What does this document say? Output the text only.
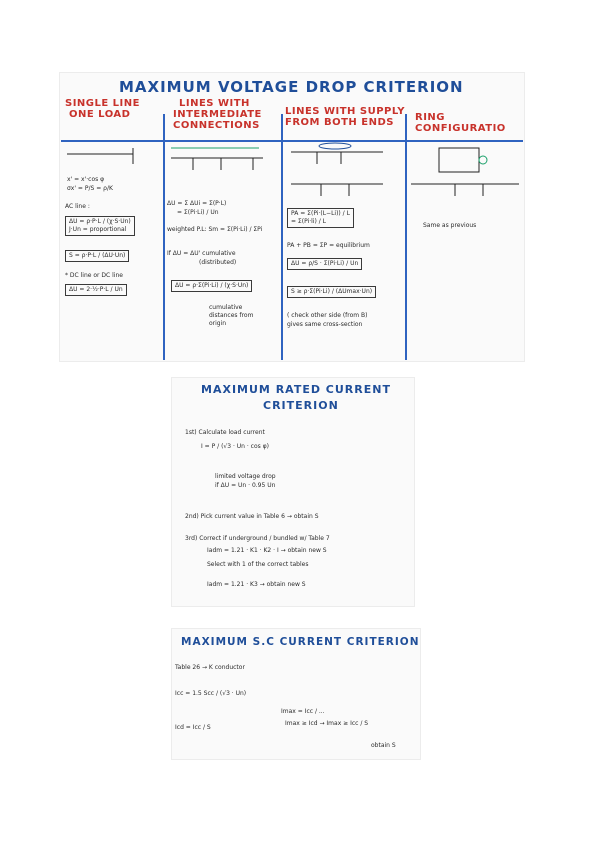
MAXIMUM VOLTAGE DROP CRITERION
SINGLE LINE
ONE LOAD
LINES WITH
INTERMEDIATE
CONNECTIONS
LINES WITH SUPPLY
FROM BOTH ENDS	RING CONFIGURATIO
x' = x'·cos φ
σx' = P/S = ρ/K
AC line :
ΔU = ρ·P·L / (χ·S·Un)
J·Un = proportional
S = ρ·P·L / (ΔU·Un)
* DC line or DC line
ΔU = 2·½·P·L / Un
ΔU = Σ ΔUi = Σ(P·L)
= Σ(Pi·Li) / Un
weighted P.L: Sm = Σ(Pi·Li) / ΣPi
If ΔU = ΔU' cumulative
(distributed)
ΔU = ρ·Σ(Pi·Li) / (χ·S·Un)
cumulative distances from origin
PA = Σ(Pi·(L−Li)) / L
= Σ(Pi·li) / L
PA + PB = ΣP = equilibrium
ΔU = ρ/S · Σ(Pi·Li) / Un
S ≥ ρ·Σ(Pi·Li) / (ΔUmax·Un)
( check other side (from B)
gives same cross-section
Same as previous
MAXIMUM RATED CURRENT
CRITERION
1st) Calculate load current
I = P / (√3 · Un · cos φ)
limited voltage drop
if ΔU = Un · 0.95 Un
2nd) Pick current value in Table 6 → obtain S
3rd) Correct if underground / bundled w/ Table 7
Iadm = 1.21 · K1 · K2 · I → obtain new S
Select with 1 of the correct tables
Iadm = 1.21 · K3 → obtain new S
MAXIMUM S.C CURRENT CRITERION
Table 26 → K conductor
Icc = 1.5 Scc / (√3 · Un)
Imax = Icc / ...
Icd = Icc / S
Imax ≥ Icd → Imax ≥ Icc / S
obtain S
